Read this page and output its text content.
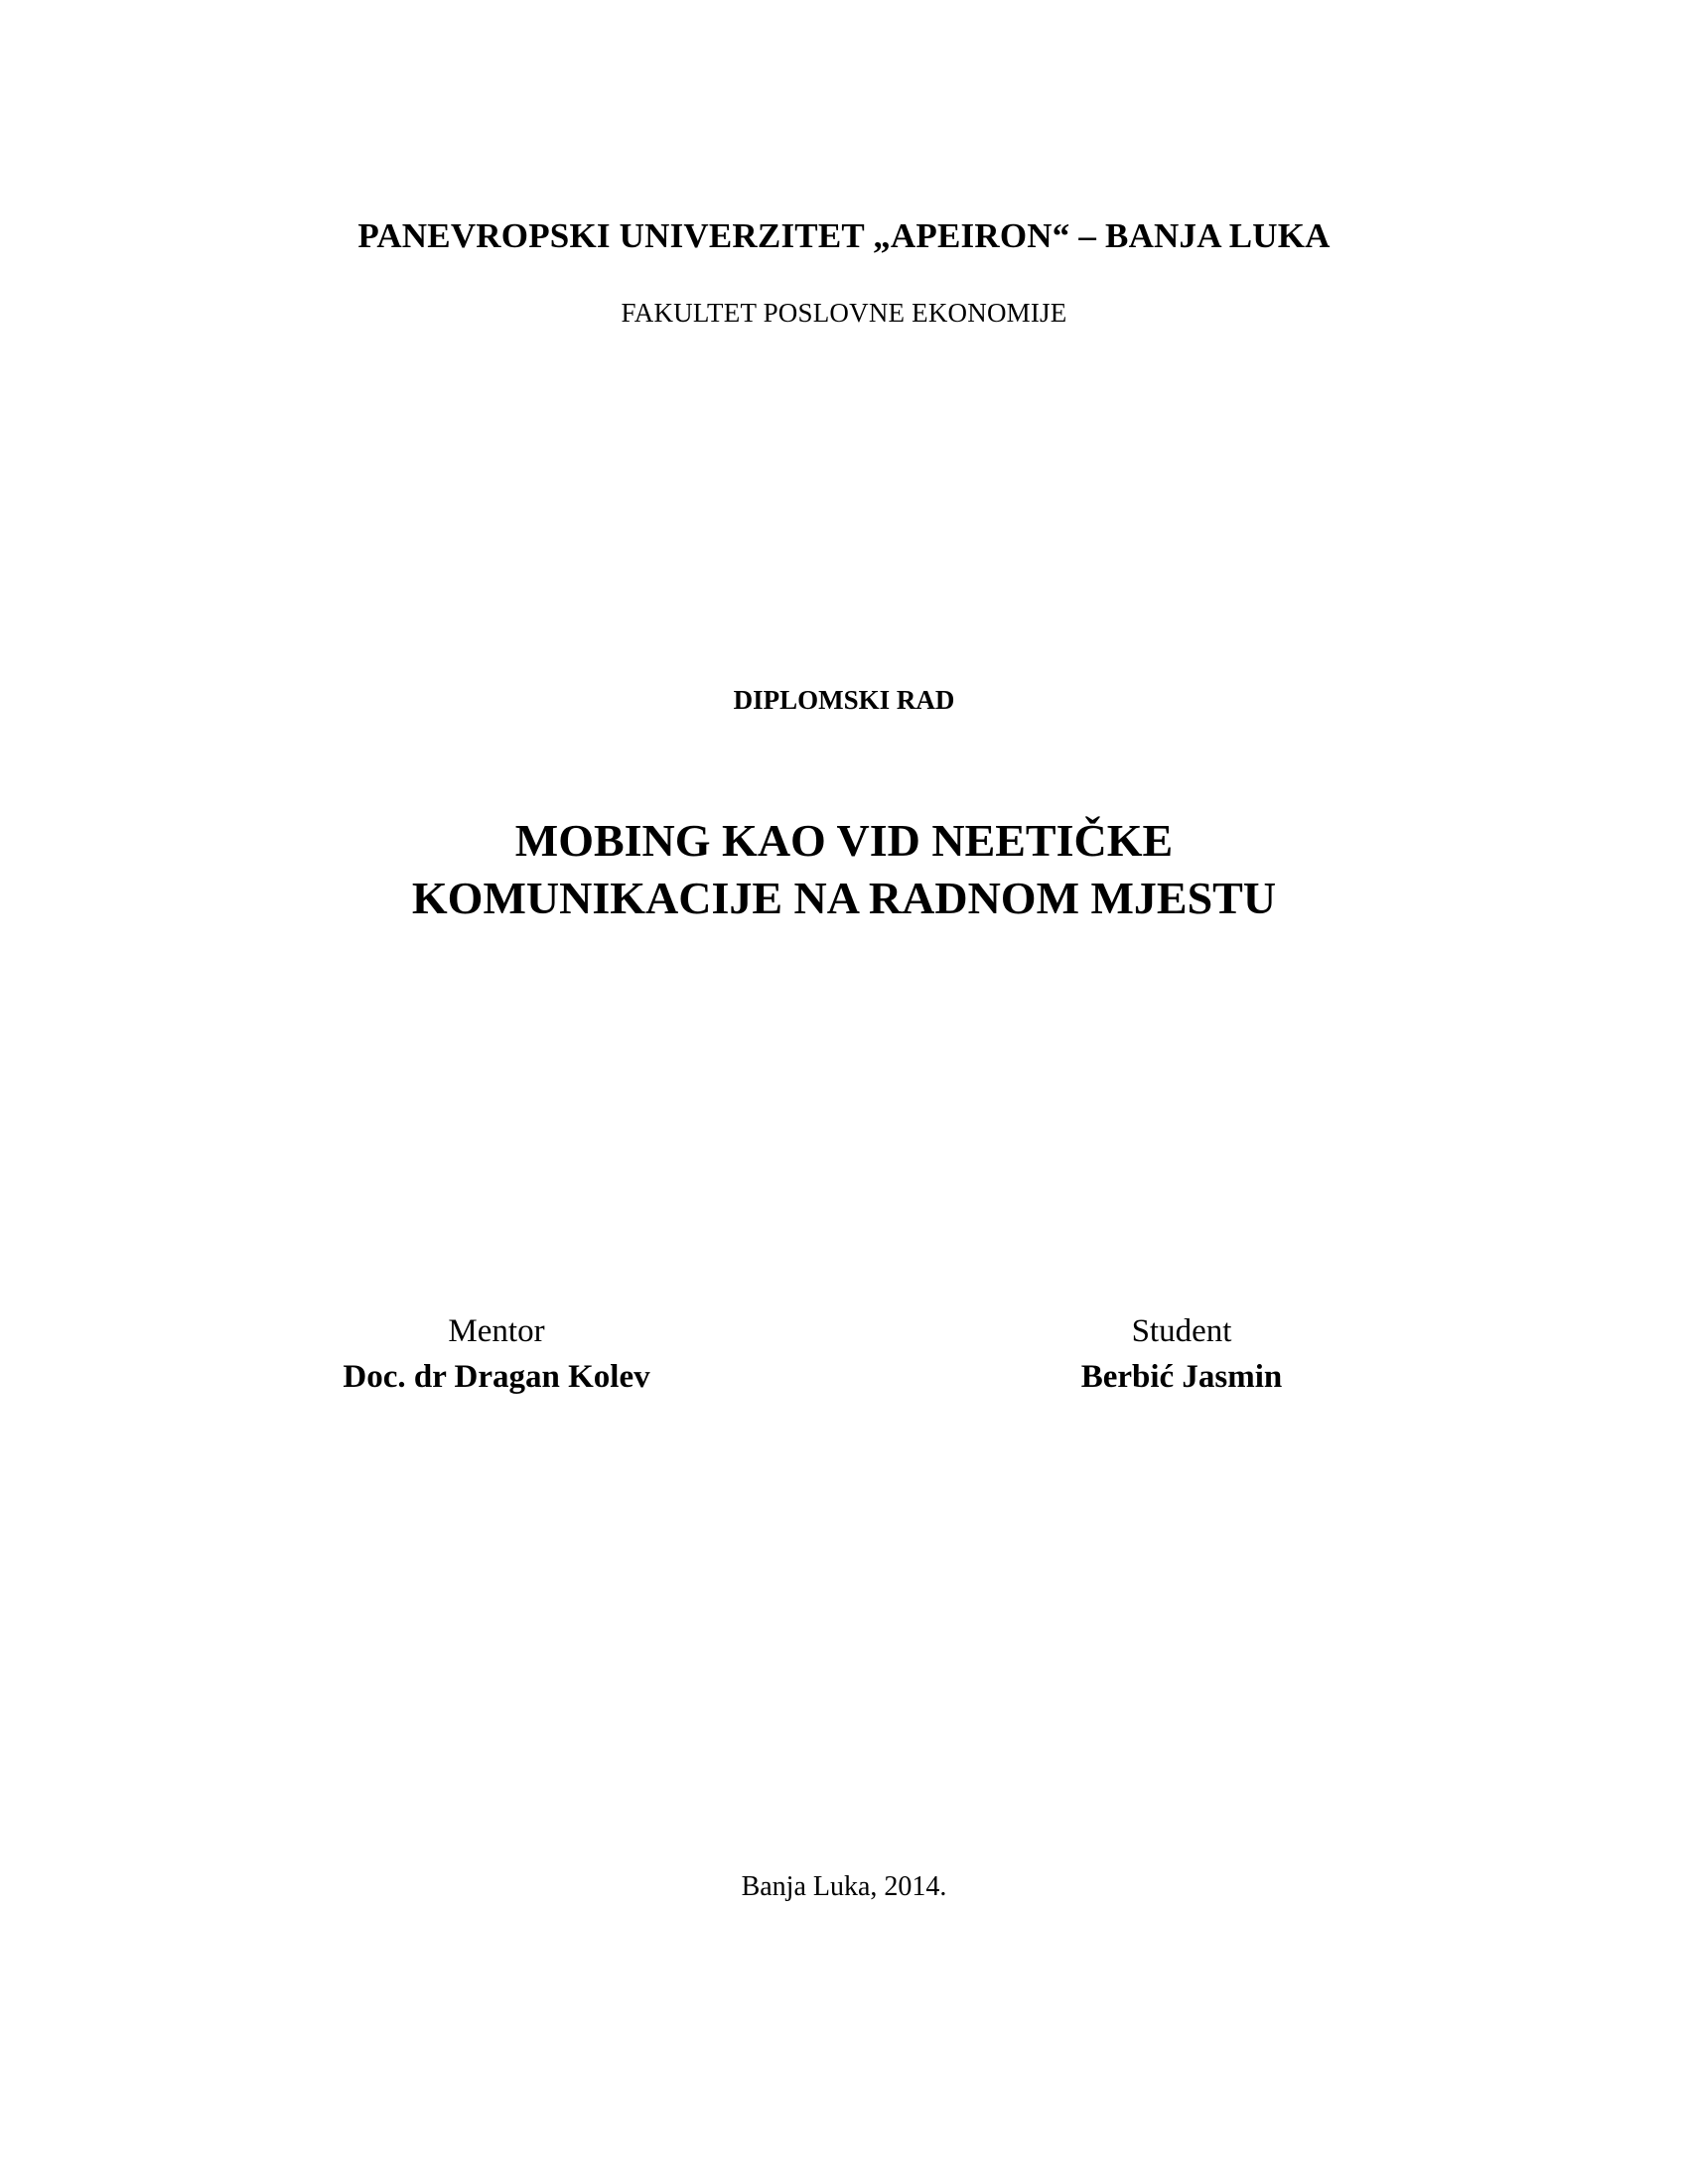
PANEVROPSKI UNIVERZITET „APEIRON“ – BANJA LUKA
FAKULTET POSLOVNE EKONOMIJE
DIPLOMSKI RAD
MOBING KAO VID NEETIČKE
KOMUNIKACIJE NA RADNOM MJESTU
Mentor
Doc. dr Dragan Kolev
Student
Berbić Jasmin
Banja Luka, 2014.
